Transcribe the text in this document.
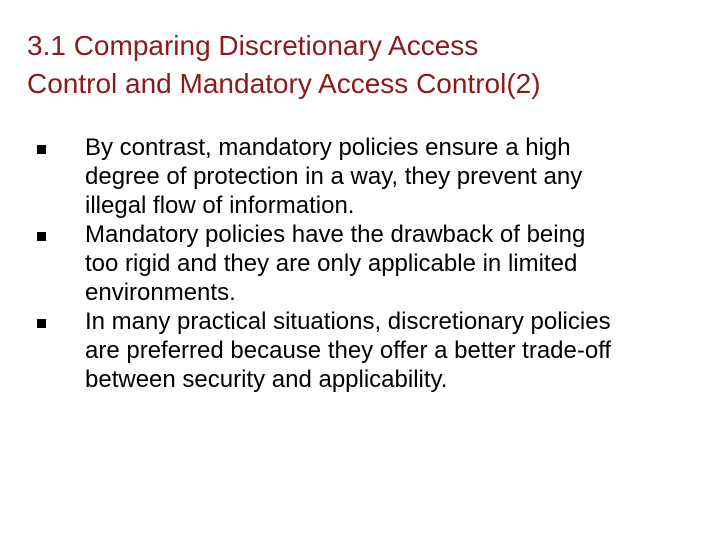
3.1 Comparing Discretionary Access
Control and Mandatory Access Control(2)
By contrast, mandatory policies ensure a high
degree of protection in a way, they prevent any
illegal flow of information.
Mandatory policies have the drawback of being
too rigid and they are only applicable in limited
environments.
In many practical situations, discretionary policies
are preferred because they offer a better trade-off
between security and applicability.
